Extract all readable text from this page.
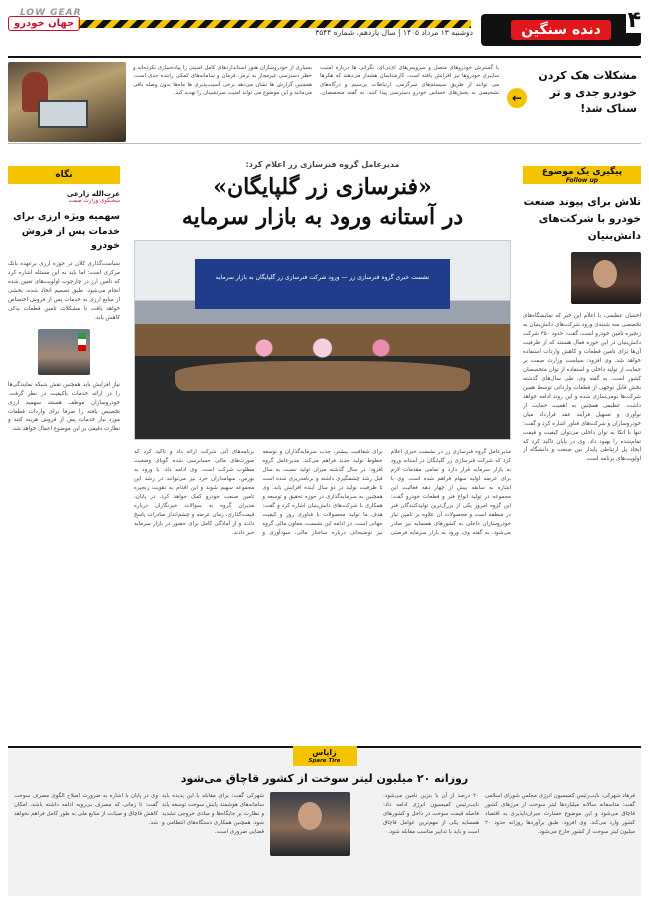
۴
دنده سنگین
دوشنبه ۱۳ مرداد ۱۴۰۵ | سال یازدهم، شماره ۳۵۴۴
LOW GEAR
جهان خودرو
مشکلات هک کردن خودرو جدی و تر سناک شد!
←
با گسترش خودروهای متصل و سرویس‌های ای‌تی‌ای، نگرانی ها درباره امنیت سایبری خودروها نیز افزایش یافته است. کارشناسان هشدار می‌دهند که هکرها می توانند از طریق سیستم‌های سرگرمی، ارتباطات بی‌سیم و درگاه‌های تشخیصی به بخش‌های حساس خودرو دسترسی پیدا کنند. به گفته متخصصان، بسیاری از خودروسازان هنوز استانداردهای کامل امنیتی را پیاده‌سازی نکرده‌اند و خطر دسترسی غیرمجاز به ترمز، فرمان و سامانه‌های کمکی راننده جدی است. همچنین گزارش ها نشان می‌دهد برخی آسیب‌پذیری ها ماه‌ها بدون وصله باقی می‌مانند و این موضوع می تواند امنیت سرنشینان را تهدید کند.
پیگیری یک موضوع
Follow up
تلاش برای پیوند صنعت خودرو با شرکت‌های دانش‌بنیان
احسان عظیمی، با اعلام این خبر که نمایشگاه‌های تخصصی سه شنبه‌ی ورود شرکت‌های دانش‌بنیان به زنجیره تامین خودرو است، گفت: حدود ۳۵۰ شرکت دانش‌بنیان در این حوزه فعال هستند که از ظرفیت آن‌ها برای تامین قطعات و کاهش واردات استفاده خواهد شد. وی افزود: سیاست وزارت صمت بر حمایت از تولید داخلی و استفاده از توان متخصصان کشور است. به گفته وی، طی سال‌های گذشته بخش قابل توجهی از قطعات وارداتی توسط همین شرکت‌ها بومی‌سازی شده و این روند ادامه خواهد داشت. عظیمی همچنین به اهمیت حمایت از نوآوری و تسهیل فرآیند عقد قرارداد میان خودروسازان و شرکت‌های فناور اشاره کرد و گفت: تنها با اتکا به توان داخلی می‌توان کیفیت و قیمت تمام‌شده را بهبود داد. وی در پایان تاکید کرد که ایجاد پل ارتباطی پایدار بین صنعت و دانشگاه از اولویت‌های برنامه است.
نگاه
عزت‌الله زارعی
سخنگوی وزارت صمت
سهمیه ویژه ارزی برای خدمات پس از فروش خودرو
سیاست‌گذاری کلان در حوزه ارزی برعهده بانک مرکزی است؛ اما باید به این مسئله اشاره کرد که تامین ارز در چارچوب اولویت‌های تعیین شده انجام می‌شود. طبق تصمیم اتخاذ شده، بخشی از منابع ارزی به خدمات پس از فروش اختصاص خواهد یافت تا مشکلات تامین قطعات یدکی کاهش یابد.
نیاز افزایش باید همچنین نقش شبکه نمایندگی‌ها را در ارائه خدمات باکیفیت در نظر گرفت. خودروسازان موظف هستند سهمیه ارزی تخصیص یافته را صرفا برای واردات قطعات مورد نیاز خدمات پس از فروش هزینه کنند و نظارت دقیقی بر این موضوع اعمال خواهد شد.
مدیرعامل گروه فنرسازی زر اعلام کرد:
«فنرسازی زر گلپایگان»
در آستانه ورود به بازار سرمایه
نشست خبری گروه فنرسازی زر — ورود شرکت فنرسازی زر گلپایگان به بازار سرمایه
مدیرعامل گروه فنرسازی زر در نشست خبری اعلام کرد که شرکت فنرسازی زر گلپایگان در آستانه ورود به بازار سرمایه قرار دارد و تمامی مقدمات لازم برای عرضه اولیه سهام فراهم شده است. وی با اشاره به سابقه بیش از چهار دهه فعالیت این مجموعه در تولید انواع فنر و قطعات خودرو گفت: این گروه امروز یکی از بزرگ‌ترین تولیدکنندگان فنر در منطقه است و محصولات آن علاوه بر تامین نیاز خودروسازان داخلی به کشورهای همسایه نیز صادر می‌شود. به گفته وی، ورود به بازار سرمایه فرصتی برای شفافیت بیشتر، جذب سرمایه‌گذاران و توسعه خطوط تولید جدید فراهم می‌کند. مدیرعامل گروه افزود: در سال گذشته میزان تولید نسبت به سال قبل رشد چشمگیری داشته و برنامه‌ریزی شده است تا ظرفیت تولید در دو سال آینده افزایش یابد. وی همچنین به سرمایه‌گذاری در حوزه تحقیق و توسعه و همکاری با شرکت‌های دانش‌بنیان اشاره کرد و گفت: هدف ما تولید محصولات با فناوری روز و کیفیت جهانی است. در ادامه این نشست، معاون مالی گروه نیز توضیحاتی درباره ساختار مالی، سودآوری و برنامه‌های آتی شرکت ارائه داد و تاکید کرد که صورت‌های مالی حسابرسی شده گویای وضعیت مطلوب شرکت است. وی ادامه داد: با ورود به بورس، سهامداران خرد نیز می‌توانند در رشد این مجموعه سهیم شوند و این اقدام به تقویت زنجیره تامین صنعت خودرو کمک خواهد کرد. در پایان، مدیران گروه به سوالات خبرنگاران درباره قیمت‌گذاری، زمان عرضه و چشم‌انداز صادرات پاسخ دادند و از آمادگی کامل برای حضور در بازار سرمایه خبر دادند.
زاپاس
Spare Tire
روزانه ۲۰ میلیون لیتر سوخت از کشور قاچاق می‌شود
فرهاد شهرکی، نایب‌رئیس کمیسیون انرژی مجلس شورای اسلامی گفت: متاسفانه سالانه میلیاردها لیتر سوخت از مرزهای کشور قاچاق می‌شود و این موضوع خسارت جبران‌ناپذیری به اقتصاد کشور وارد می‌کند. وی افزود: طبق برآوردها روزانه حدود ۲۰ میلیون لیتر سوخت از کشور خارج می‌شود.
۲۰ درصد از آن با بنزین تامین می‌شود. نایب‌رئیس کمیسیون انرژی ادامه داد: فاصله قیمت سوخت در داخل و کشورهای همسایه یکی از مهم‌ترین عوامل قاچاق است و باید با تدابیر مناسب مقابله شود.
شهرکی گفت: برای مقابله با این پدیده باید سامانه‌های هوشمند پایش سوخت توسعه یابد و نظارت بر جایگاه‌ها و مبادی خروجی تشدید شود. همچنین همکاری دستگاه‌های انتظامی و قضایی ضروری است.
وی در پایان با اشاره به ضرورت اصلاح الگوی مصرف سوخت گفت: تا زمانی که مصرف بی‌رویه ادامه داشته باشد، امکان کاهش قاچاق و صیانت از منابع ملی به طور کامل فراهم نخواهد شد.
